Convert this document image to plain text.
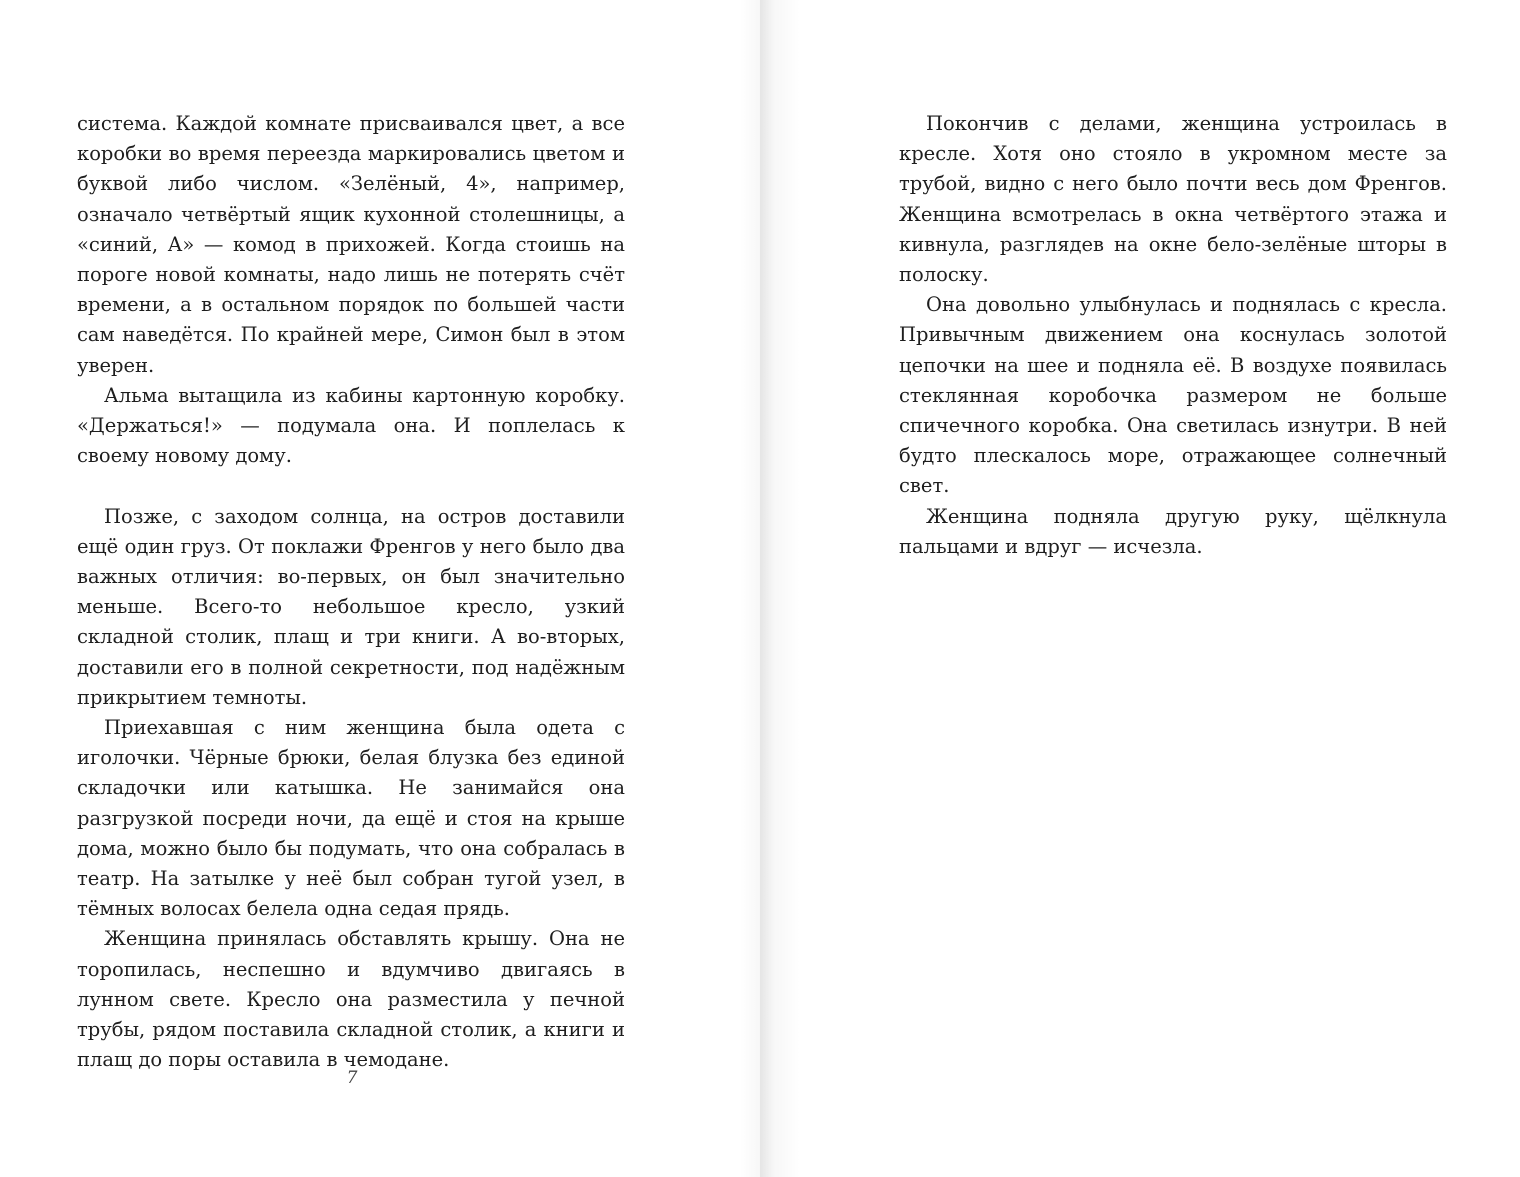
система. Каждой комнате присваивался цвет, а все коробки во время переезда маркировались цветом и буквой либо числом. «Зелёный, 4», например, означало четвёртый ящик кухонной столешницы, а «синий, А» — комод в прихожей. Когда стоишь на пороге новой комнаты, надо лишь не потерять счёт времени, а в остальном порядок по большей части сам наведётся. По крайней мере, Симон был в этом уверен.

Альма вытащила из кабины картонную коробку. «Держаться!» — подумала она. И поплелась к своему новому дому.

Позже, с заходом солнца, на остров доставили ещё один груз. От поклажи Френгов у него было два важных отличия: во-первых, он был значительно меньше. Всего-то небольшое кресло, узкий складной столик, плащ и три книги. А во-вторых, доставили его в полной секретности, под надёжным прикрытием темноты.

Приехавшая с ним женщина была одета с иголочки. Чёрные брюки, белая блузка без единой складочки или катышка. Не занимайся она разгрузкой посреди ночи, да ещё и стоя на крыше дома, можно было бы подумать, что она собралась в театр. На затылке у неё был собран тугой узел, в тёмных волосах белела одна седая прядь.

Женщина принялась обставлять крышу. Она не торопилась, неспешно и вдумчиво двигаясь в лунном свете. Кресло она разместила у печной трубы, рядом поставила складной столик, а книги и плащ до поры оставила в чемодане.

7

Покончив с делами, женщина устроилась в кресле. Хотя оно стояло в укромном месте за трубой, видно с него было почти весь дом Френгов. Женщина всмотрелась в окна четвёртого этажа и кивнула, разглядев на окне бело-зелёные шторы в полоску.

Она довольно улыбнулась и поднялась с кресла. Привычным движением она коснулась золотой цепочки на шее и подняла её. В воздухе появилась стеклянная коробочка размером не больше спичечного коробка. Она светилась изнутри. В ней будто плескалось море, отражающее солнечный свет.

Женщина подняла другую руку, щёлкнула пальцами и вдруг — исчезла.
